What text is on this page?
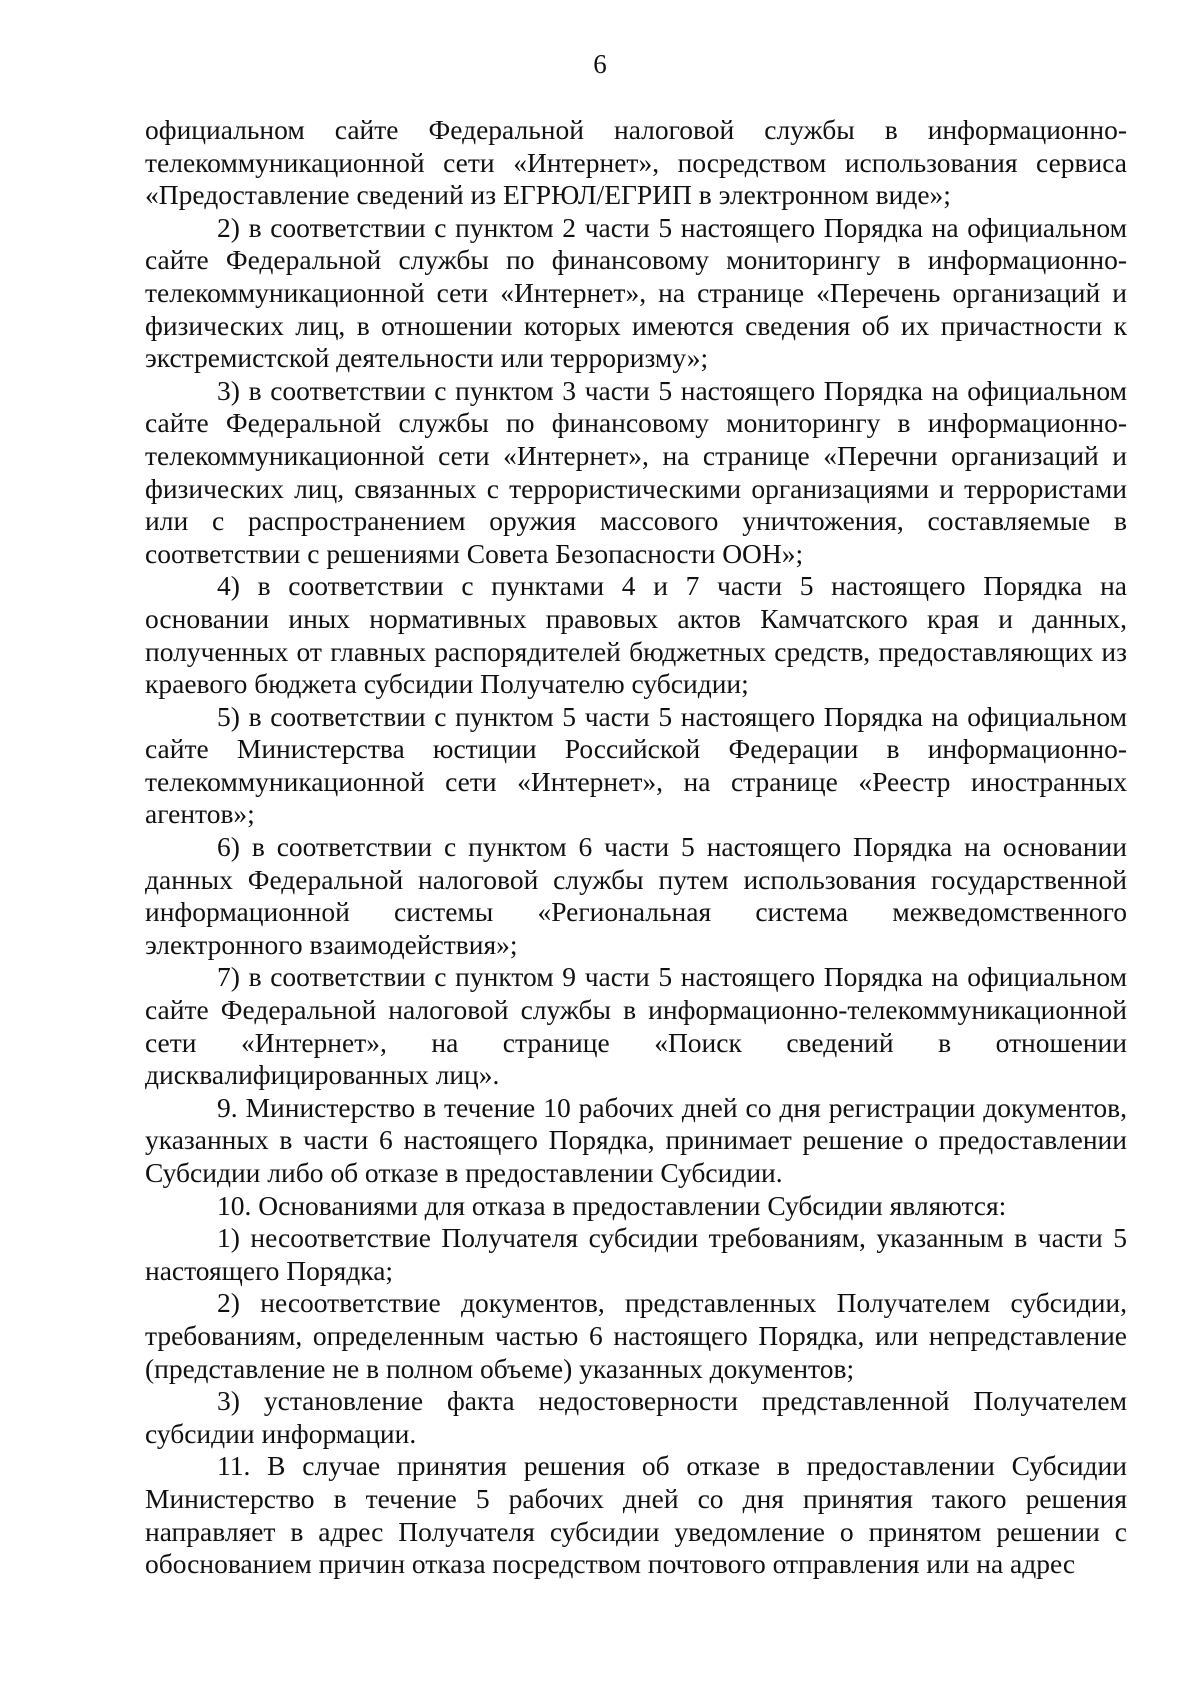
6

официальном сайте Федеральной налоговой службы в информационно-телекоммуникационной сети «Интернет», посредством использования сервиса «Предоставление сведений из ЕГРЮЛ/ЕГРИП в электронном виде»;

2) в соответствии с пунктом 2 части 5 настоящего Порядка на официальном сайте Федеральной службы по финансовому мониторингу в информационно-телекоммуникационной сети «Интернет», на странице «Перечень организаций и физических лиц, в отношении которых имеются сведения об их причастности к экстремистской деятельности или терроризму»;

3) в соответствии с пунктом 3 части 5 настоящего Порядка на официальном сайте Федеральной службы по финансовому мониторингу в информационно-телекоммуникационной сети «Интернет», на странице «Перечни организаций и физических лиц, связанных с террористическими организациями и террористами или с распространением оружия массового уничтожения, составляемые в соответствии с решениями Совета Безопасности ООН»;

4) в соответствии с пунктами 4 и 7 части 5 настоящего Порядка на основании иных нормативных правовых актов Камчатского края и данных, полученных от главных распорядителей бюджетных средств, предоставляющих из краевого бюджета субсидии Получателю субсидии;

5) в соответствии с пунктом 5 части 5 настоящего Порядка на официальном сайте Министерства юстиции Российской Федерации в информационно-телекоммуникационной сети «Интернет», на странице «Реестр иностранных агентов»;

6) в соответствии с пунктом 6 части 5 настоящего Порядка на основании данных Федеральной налоговой службы путем использования государственной информационной системы «Региональная система межведомственного электронного взаимодействия»;

7) в соответствии с пунктом 9 части 5 настоящего Порядка на официальном сайте Федеральной налоговой службы в информационно-телекоммуникационной сети «Интернет», на странице «Поиск сведений в отношении дисквалифицированных лиц».

9. Министерство в течение 10 рабочих дней со дня регистрации документов, указанных в части 6 настоящего Порядка, принимает решение о предоставлении Субсидии либо об отказе в предоставлении Субсидии.

10. Основаниями для отказа в предоставлении Субсидии являются:

1) несоответствие Получателя субсидии требованиям, указанным в части 5 настоящего Порядка;

2) несоответствие документов, представленных Получателем субсидии, требованиям, определенным частью 6 настоящего Порядка, или непредставление (представление не в полном объеме) указанных документов;

3) установление факта недостоверности представленной Получателем субсидии информации.

11. В случае принятия решения об отказе в предоставлении Субсидии Министерство в течение 5 рабочих дней со дня принятия такого решения направляет в адрес Получателя субсидии уведомление о принятом решении с обоснованием причин отказа посредством почтового отправления или на адрес
